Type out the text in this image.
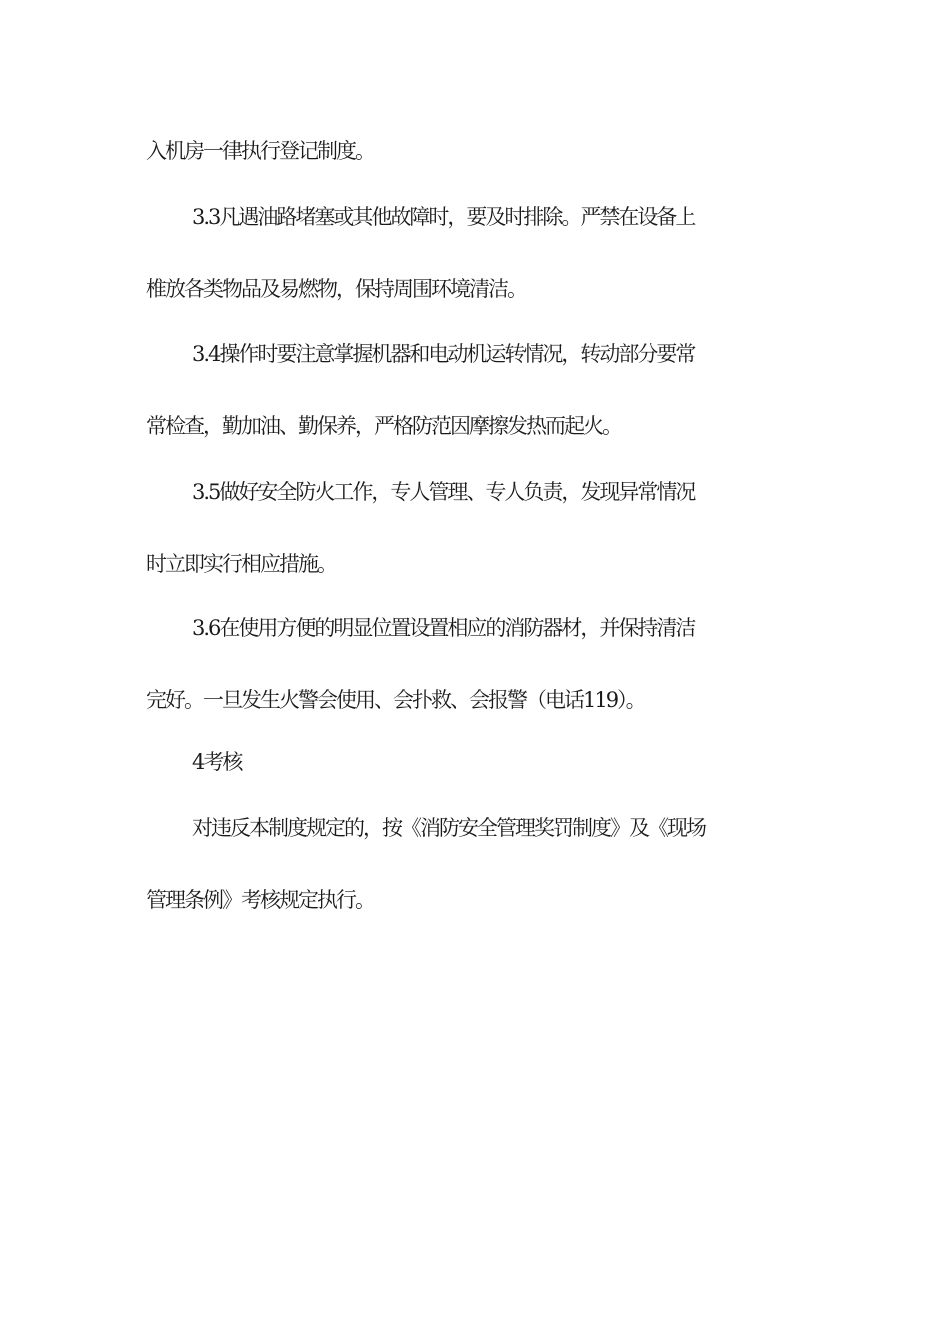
入机房一律执行登记制度。
3.3凡遇油路堵塞或其他故障时，要及时排除。严禁在设备上
椎放各类物品及易燃物，保持周围环境清洁。
3.4操作时要注意掌握机器和电动机运转情况，转动部分要常
常检查，勤加油、勤保养，严格防范因摩擦发热而起火。
3.5做好安全防火工作，专人管理、专人负责，发现异常情况
时立即实行相应措施。
3.6在使用方便的明显位置设置相应的消防器材，并保持清洁
完好。一旦发生火警会使用、会扑救、会报警（电话119）。
4考核
对违反本制度规定的，按《消防安全管理奖罚制度》及《现场
管理条例》考核规定执行。
